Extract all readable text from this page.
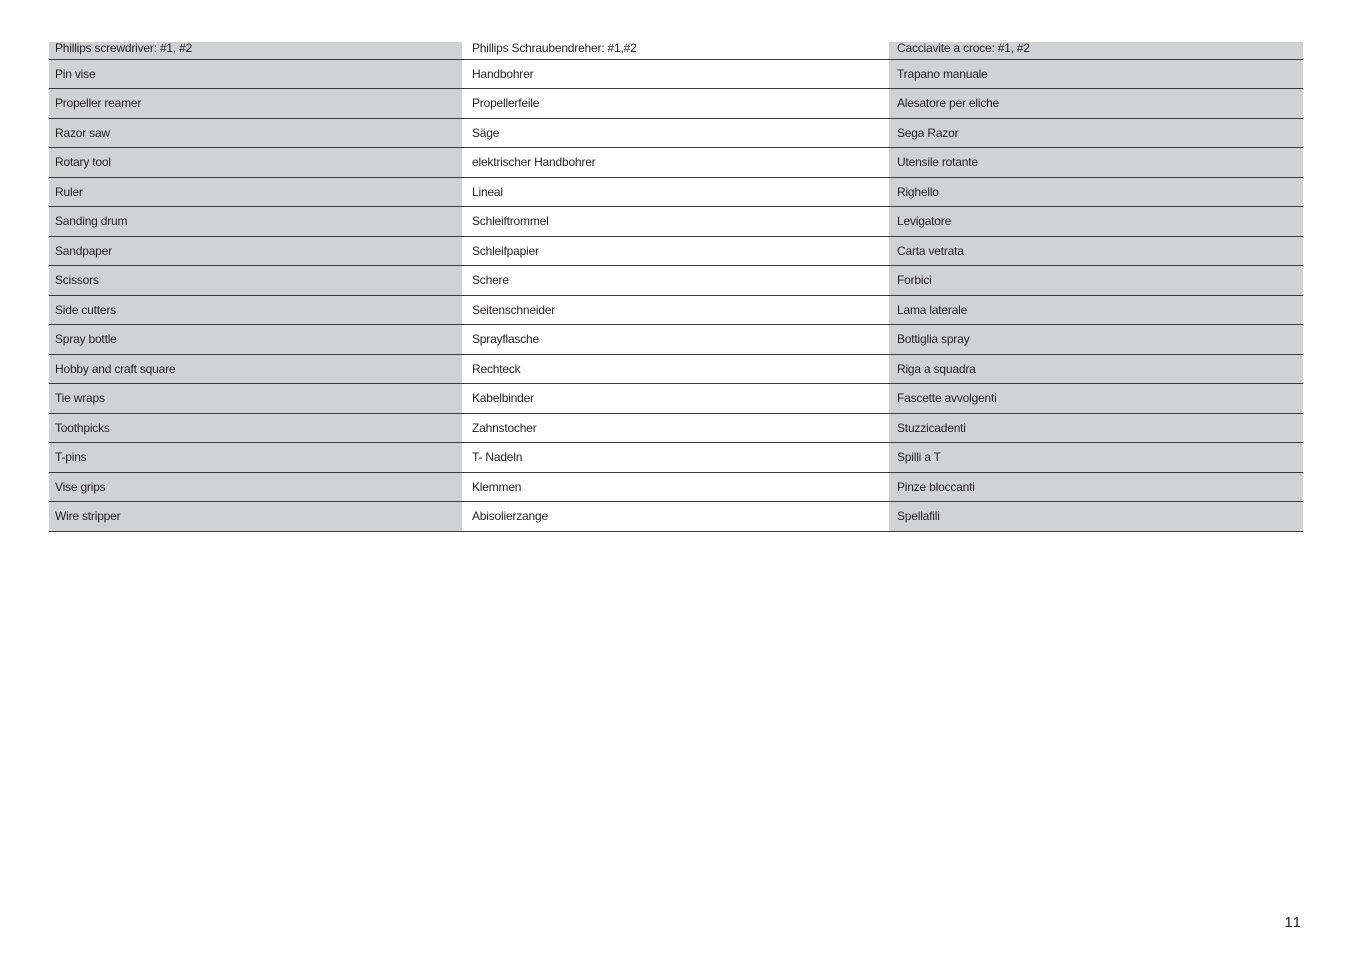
Phillips screwdriver: #1, #2	Phillips Schraubendreher: #1,#2	Cacciavite a croce: #1, #2
Pin vise	Handbohrer	Trapano manuale
Propeller reamer	Propellerfeile	Alesatore per eliche
Razor saw	Säge	Sega Razor
Rotary tool	elektrischer Handbohrer	Utensile rotante
Ruler	Lineal	Righello
Sanding drum	Schleiftrommel	Levigatore
Sandpaper	Schleifpapier	Carta vetrata
Scissors	Schere	Forbici
Side cutters	Seitenschneider	Lama laterale
Spray bottle	Sprayflasche	Bottiglia spray
Hobby and craft square	Rechteck	Riga a squadra
Tie wraps	Kabelbinder	Fascette avvolgenti
Toothpicks	Zahnstocher	Stuzzicadenti
T-pins	T- Nadeln	Spilli a T
Vise grips	Klemmen	Pinze bloccanti
Wire stripper	Abisolierzange	Spellafili
11
